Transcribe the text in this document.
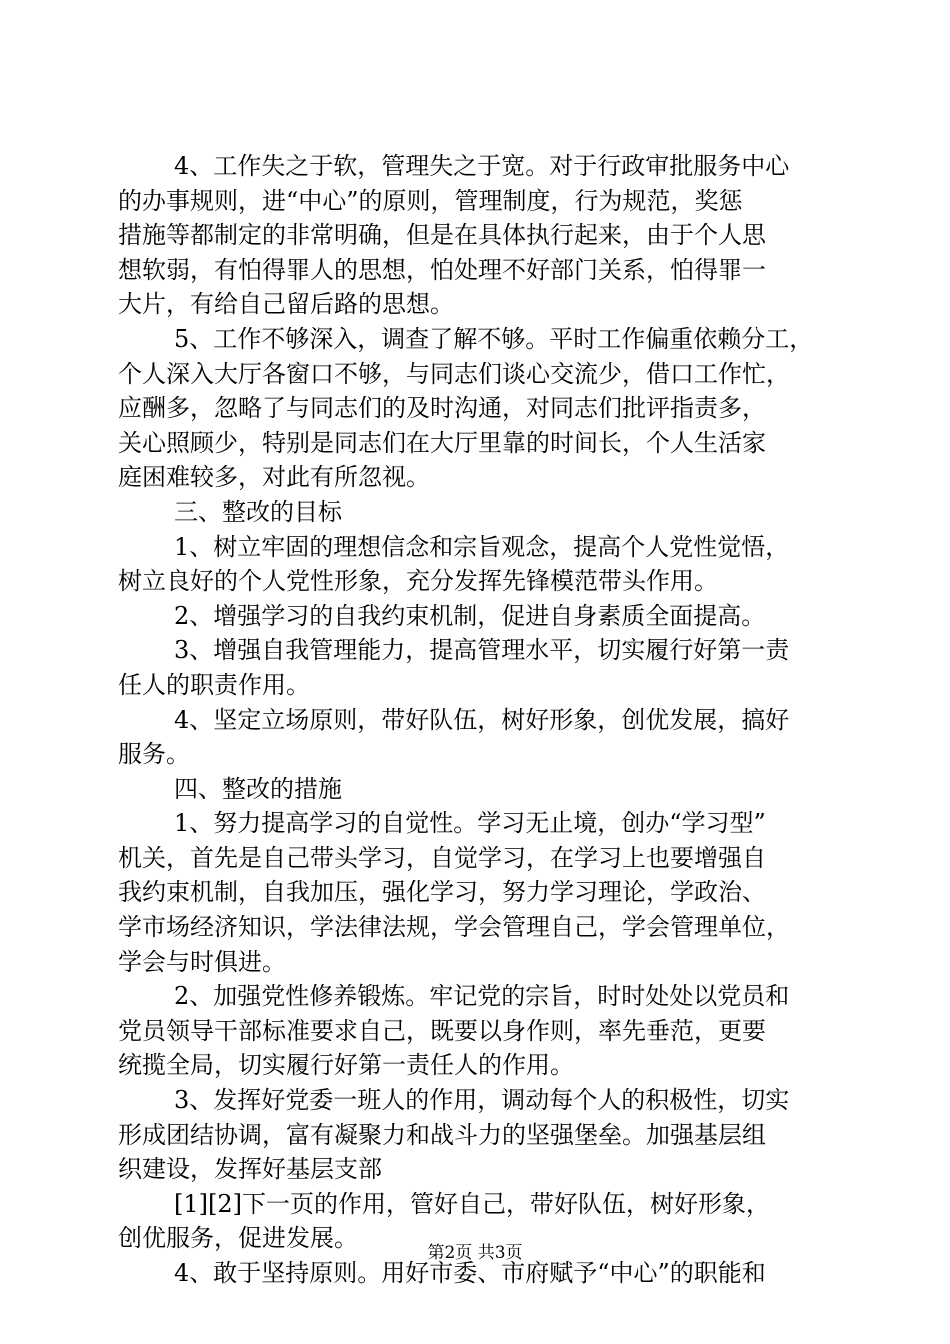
4、工作失之于软，管理失之于宽。对于行政审批服务中心
的办事规则，进“中心”的原则，管理制度，行为规范，奖惩
措施等都制定的非常明确，但是在具体执行起来，由于个人思
想软弱，有怕得罪人的思想，怕处理不好部门关系，怕得罪一
大片，有给自己留后路的思想。
5、工作不够深入，调查了解不够。平时工作偏重依赖分工，
个人深入大厅各窗口不够，与同志们谈心交流少，借口工作忙，
应酬多，忽略了与同志们的及时沟通，对同志们批评指责多，
关心照顾少，特别是同志们在大厅里靠的时间长，个人生活家
庭困难较多，对此有所忽视。
三、整改的目标
1、树立牢固的理想信念和宗旨观念，提高个人党性觉悟，
树立良好的个人党性形象，充分发挥先锋模范带头作用。
2、增强学习的自我约束机制，促进自身素质全面提高。
3、增强自我管理能力，提高管理水平，切实履行好第一责
任人的职责作用。
4、坚定立场原则，带好队伍，树好形象，创优发展，搞好
服务。
四、整改的措施
1、努力提高学习的自觉性。学习无止境，创办“学习型”
机关，首先是自己带头学习，自觉学习，在学习上也要增强自
我约束机制，自我加压，强化学习，努力学习理论，学政治、
学市场经济知识，学法律法规，学会管理自己，学会管理单位，
学会与时俱进。
2、加强党性修养锻炼。牢记党的宗旨，时时处处以党员和
党员领导干部标准要求自己，既要以身作则，率先垂范，更要
统揽全局，切实履行好第一责任人的作用。
3、发挥好党委一班人的作用，调动每个人的积极性，切实
形成团结协调，富有凝聚力和战斗力的坚强堡垒。加强基层组
织建设，发挥好基层支部
[1][2]下一页的作用，管好自己，带好队伍，树好形象，
创优服务，促进发展。
4、敢于坚持原则。用好市委、市府赋予“中心”的职能和
第2页 共3页
